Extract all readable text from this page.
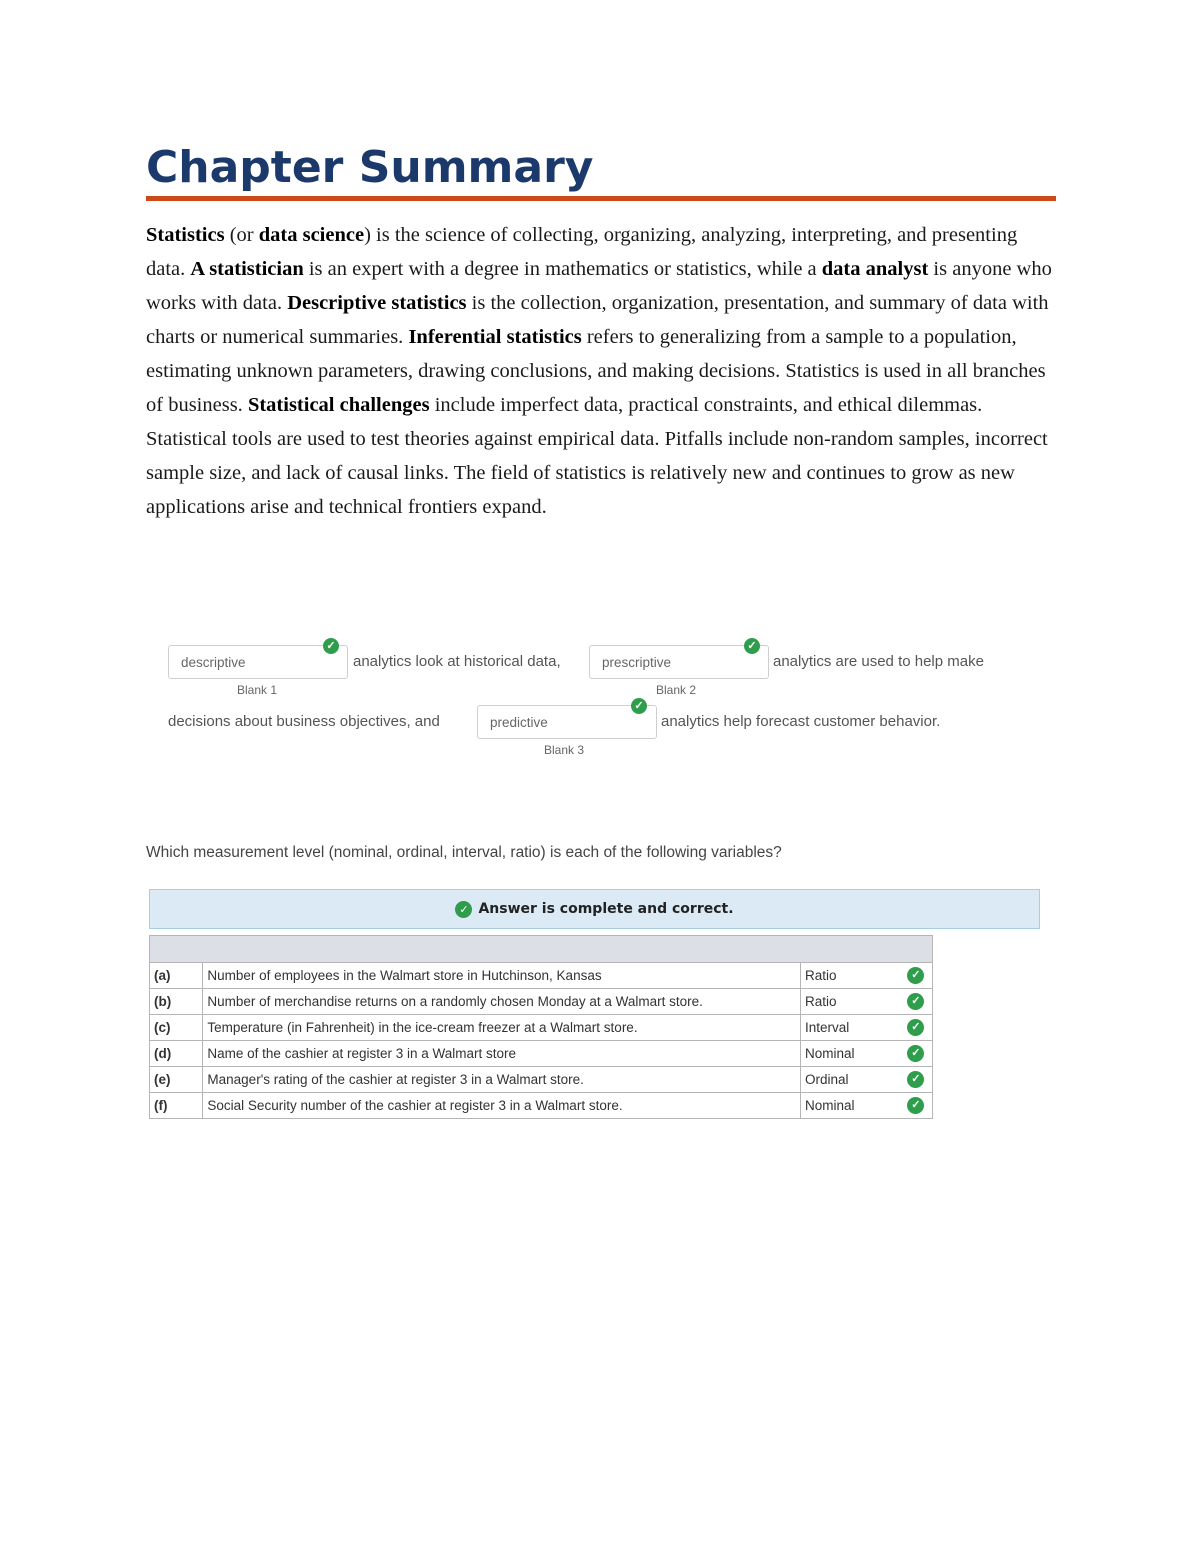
Chapter Summary

Statistics (or data science) is the science of collecting, organizing, analyzing, interpreting, and presenting data. A statistician is an expert with a degree in mathematics or statistics, while a data analyst is anyone who works with data. Descriptive statistics is the collection, organization, presentation, and summary of data with charts or numerical summaries. Inferential statistics refers to generalizing from a sample to a population, estimating unknown parameters, drawing conclusions, and making decisions. Statistics is used in all branches of business. Statistical challenges include imperfect data, practical constraints, and ethical dilemmas. Statistical tools are used to test theories against empirical data. Pitfalls include non-random samples, incorrect sample size, and lack of causal links. The field of statistics is relatively new and continues to grow as new applications arise and technical frontiers expand.

descriptive
✓
Blank 1
analytics look at historical data,	prescriptive
✓
Blank 2
analytics are used to help make
decisions about business objectives, and	predictive
✓
Blank 3
analytics help forecast customer behavior.

Which measurement level (nominal, ordinal, interval, ratio) is each of the following variables?

✓ Answer is complete and correct.

(a)	Number of employees in the Walmart store in Hutchinson, Kansas	Ratio	✓
(b)	Number of merchandise returns on a randomly chosen Monday at a Walmart store.	Ratio	✓
(c)	Temperature (in Fahrenheit) in the ice-cream freezer at a Walmart store.	Interval	✓
(d)	Name of the cashier at register 3 in a Walmart store	Nominal	✓
(e)	Manager's rating of the cashier at register 3 in a Walmart store.	Ordinal	✓
(f)	Social Security number of the cashier at register 3 in a Walmart store.	Nominal	✓
